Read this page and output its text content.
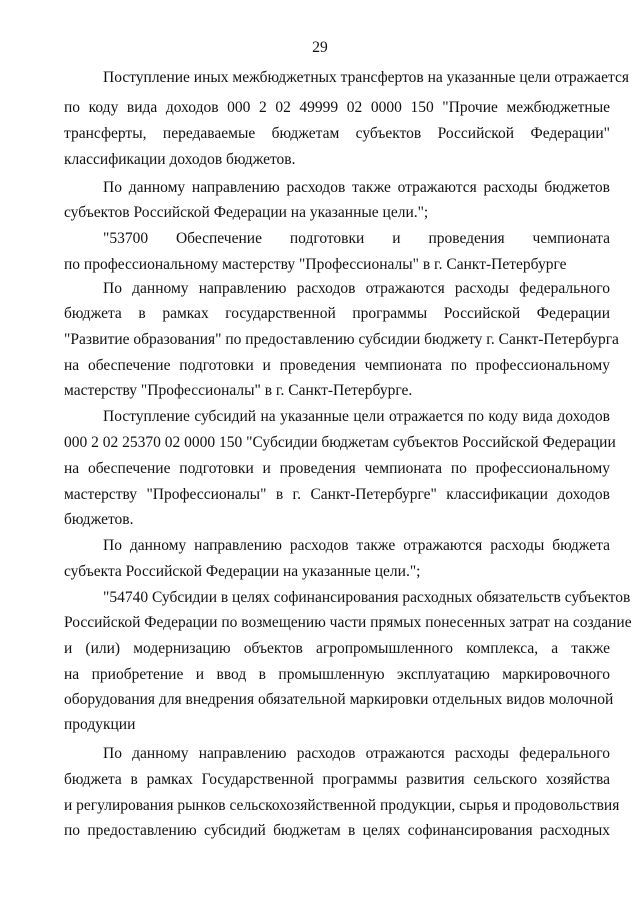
29
Поступление иных межбюджетных трансфертов на указанные цели отражается
по коду вида доходов 000 2 02 49999 02 0000 150 "Прочие межбюджетные
трансферты, передаваемые бюджетам субъектов Российской Федерации"
классификации доходов бюджетов.
По данному направлению расходов также отражаются расходы бюджетов
субъектов Российской Федерации на указанные цели.";
"53700 Обеспечение подготовки и проведения чемпионата
по профессиональному мастерству "Профессионалы" в г. Санкт-Петербурге
По данному направлению расходов отражаются расходы федерального
бюджета в рамках государственной программы Российской Федерации
"Развитие образования" по предоставлению субсидии бюджету г. Санкт-Петербурга
на обеспечение подготовки и проведения чемпионата по профессиональному
мастерству "Профессионалы" в г. Санкт-Петербурге.
Поступление субсидий на указанные цели отражается по коду вида доходов
000 2 02 25370 02 0000 150 "Субсидии бюджетам субъектов Российской Федерации
на обеспечение подготовки и проведения чемпионата по профессиональному
мастерству "Профессионалы" в г. Санкт-Петербурге" классификации доходов
бюджетов.
По данному направлению расходов также отражаются расходы бюджета
субъекта Российской Федерации на указанные цели.";
"54740 Субсидии в целях софинансирования расходных обязательств субъектов
Российской Федерации по возмещению части прямых понесенных затрат на создание
и (или) модернизацию объектов агропромышленного комплекса, а также
на приобретение и ввод в промышленную эксплуатацию маркировочного
оборудования для внедрения обязательной маркировки отдельных видов молочной
продукции
По данному направлению расходов отражаются расходы федерального
бюджета в рамках Государственной программы развития сельского хозяйства
и регулирования рынков сельскохозяйственной продукции, сырья и продовольствия
по предоставлению субсидий бюджетам в целях софинансирования расходных
